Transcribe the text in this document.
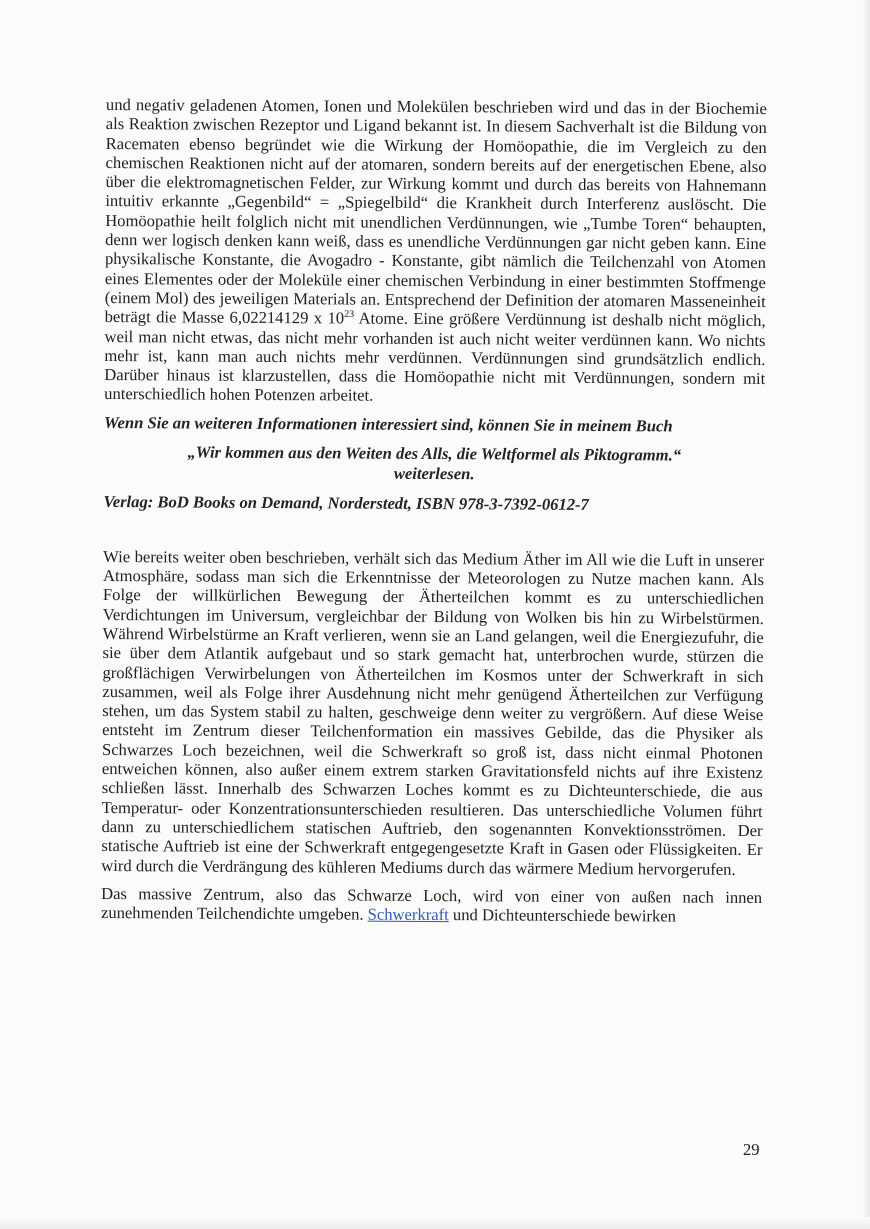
und negativ geladenen Atomen, Ionen und Molekülen beschrieben wird und das in der Biochemie als Reaktion zwischen Rezeptor und Ligand bekannt ist. In diesem Sachverhalt ist die Bildung von Racematen ebenso begründet wie die Wirkung der Homöopathie, die im Vergleich zu den chemischen Reaktionen nicht auf der atomaren, sondern bereits auf der energetischen Ebene, also über die elektromagnetischen Felder, zur Wirkung kommt und durch das bereits von Hahnemann intuitiv erkannte „Gegenbild“ = „Spiegelbild“ die Krankheit durch Interferenz auslöscht. Die Homöopathie heilt folglich nicht mit unendlichen Verdünnungen, wie „Tumbe Toren“ behaupten, denn wer logisch denken kann weiß, dass es unendliche Verdünnungen gar nicht geben kann. Eine physikalische Konstante, die Avogadro - Konstante, gibt nämlich die Teilchenzahl von Atomen eines Elementes oder der Moleküle einer chemischen Verbindung in einer bestimmten Stoffmenge (einem Mol) des jeweiligen Materials an. Entsprechend der Definition der atomaren Masseneinheit beträgt die Masse 6,02214129 x $10^{23}$ Atome. Eine größere Verdünnung ist deshalb nicht möglich, weil man nicht etwas, das nicht mehr vorhanden ist auch nicht weiter verdünnen kann. Wo nichts mehr ist, kann man auch nichts mehr verdünnen. Verdünnungen sind grundsätzlich endlich. Darüber hinaus ist klarzustellen, dass die Homöopathie nicht mit Verdünnungen, sondern mit unterschiedlich hohen Potenzen arbeitet.

Wenn Sie an weiteren Informationen interessiert sind, können Sie in meinem Buch

„Wir kommen aus den Weiten des Alls, die Weltformel als Piktogramm.“

weiterlesen.

Verlag: BoD Books on Demand, Norderstedt, ISBN 978-3-7392-0612-7

Wie bereits weiter oben beschrieben, verhält sich das Medium Äther im All wie die Luft in unserer Atmosphäre, sodass man sich die Erkenntnisse der Meteorologen zu Nutze machen kann. Als Folge der willkürlichen Bewegung der Ätherteilchen kommt es zu unterschiedlichen Verdichtungen im Universum, vergleichbar der Bildung von Wolken bis hin zu Wirbelstürmen. Während Wirbelstürme an Kraft verlieren, wenn sie an Land gelangen, weil die Energiezufuhr, die sie über dem Atlantik aufgebaut und so stark gemacht hat, unterbrochen wurde, stürzen die großflächigen Verwirbelungen von Ätherteilchen im Kosmos unter der Schwerkraft in sich zusammen, weil als Folge ihrer Ausdehnung nicht mehr genügend Ätherteilchen zur Verfügung stehen, um das System stabil zu halten, geschweige denn weiter zu vergrößern. Auf diese Weise entsteht im Zentrum dieser Teilchenformation ein massives Gebilde, das die Physiker als Schwarzes Loch bezeichnen, weil die Schwerkraft so groß ist, dass nicht einmal Photonen entweichen können, also außer einem extrem starken Gravitationsfeld nichts auf ihre Existenz schließen lässt. Innerhalb des Schwarzen Loches kommt es zu Dichteunterschiede, die aus Temperatur- oder Konzentrationsunterschieden resultieren. Das unterschiedliche Volumen führt dann zu unterschiedlichem statischen Auftrieb, den sogenannten Konvektionsströmen. Der statische Auftrieb ist eine der Schwerkraft entgegengesetzte Kraft in Gasen oder Flüssigkeiten. Er wird durch die Verdrängung des kühleren Mediums durch das wärmere Medium hervorgerufen.

Das massive Zentrum, also das Schwarze Loch, wird von einer von außen nach innen zunehmenden Teilchendichte umgeben. Schwerkraft und Dichteunterschiede bewirken

29
